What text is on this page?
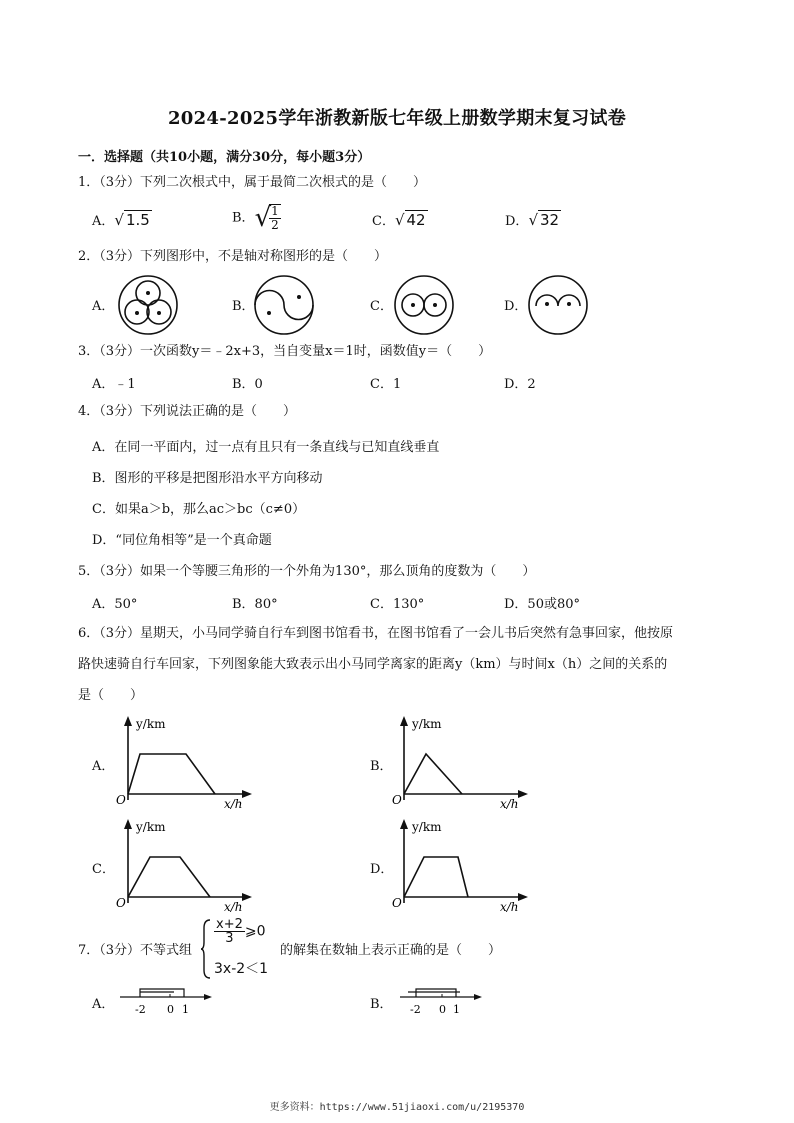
2024-2025学年浙教新版七年级上册数学期末复习试卷
一．选择题（共10小题，满分30分，每小题3分）
1．（3分）下列二次根式中，属于最简二次根式的是（　　）
A．√ 1.5	B．√
$\frac{1}{2}$	C．√ 42	D．√ 32
2．（3分）下列图形中，不是轴对称图形的是（　　）
A．	B．	C．	D．
3．（3分）一次函数y＝﹣2x+3，当自变量x＝1时，函数值y＝（　　）
A．﹣1	B．0	C．1	D．2
4．（3分）下列说法正确的是（　　）
A．在同一平面内，过一点有且只有一条直线与已知直线垂直
B．图形的平移是把图形沿水平方向移动
C．如果a＞b，那么ac＞bc（c≠0）
D．“同位角相等”是一个真命题
5．（3分）如果一个等腰三角形的一个外角为130°，那么顶角的度数为（　　）
A．50°	B．80°	C．130°	D．50或80°
6．（3分）星期天，小马同学骑自行车到图书馆看书，在图书馆看了一会儿书后突然有急事回家，他按原
路快速骑自行车回家，下列图象能大致表示出小马同学离家的距离y（km）与时间x（h）之间的关系的
是（　　）
A．
y/km
O	x/h
B．
y/km
O	x/h
C．
y/km
O	x/h
D．
y/km
O	x/h
7．（3分）不等式组
$\frac{x+2}{3}$ ⩾0
3x-2＜1
的解集在数轴上表示正确的是（　　）
A． -2 0 1	B． -2 0 1
更多资料：https://www.51jiaoxi.com/u/2195370
